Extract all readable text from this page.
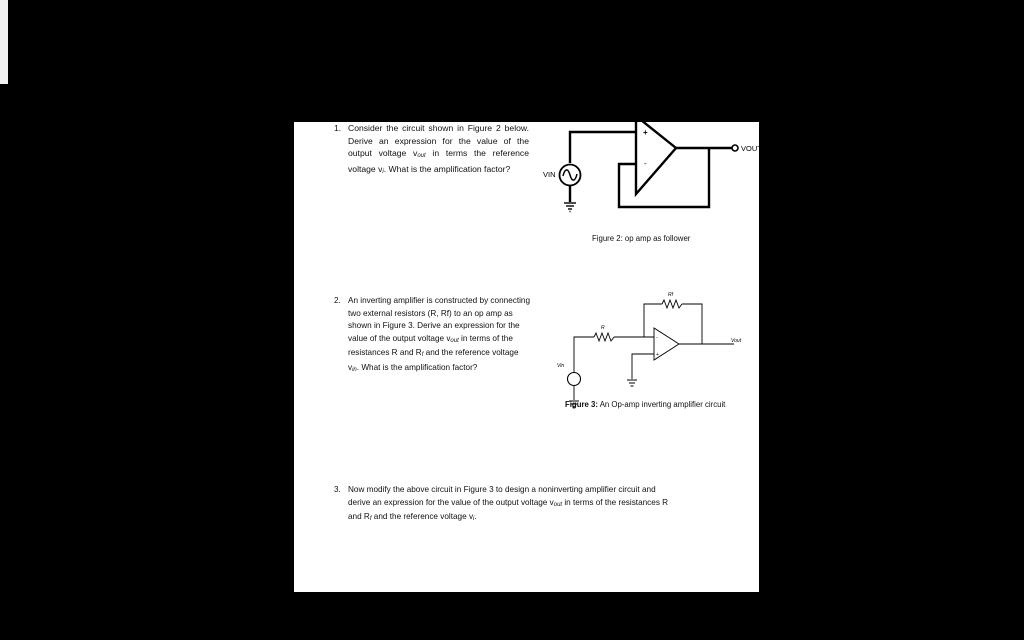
1. Consider the circuit shown in Figure 2 below.
Derive an expression for the value of the
output voltage vout in terms the reference
voltage vi. What is the amplification factor?
2. An inverting amplifier is constructed by connecting
two external resistors (R, Rf) to an op amp as
shown in Figure 3. Derive an expression for the
value of the output voltage vout in terms of the
resistances R and Rf and the reference voltage
vin. What is the amplification factor?
3. Now modify the above circuit in Figure 3 to design a noninverting amplifier circuit and
derive an expression for the value of the output voltage vout in terms of the resistances R
and Rf and the reference voltage vi.
+
-
VIN
VOUT
Figure 2: op amp as follower
Rf
R
Vin
Vout
-
+
Figure 3: An Op-amp inverting amplifier circuit
